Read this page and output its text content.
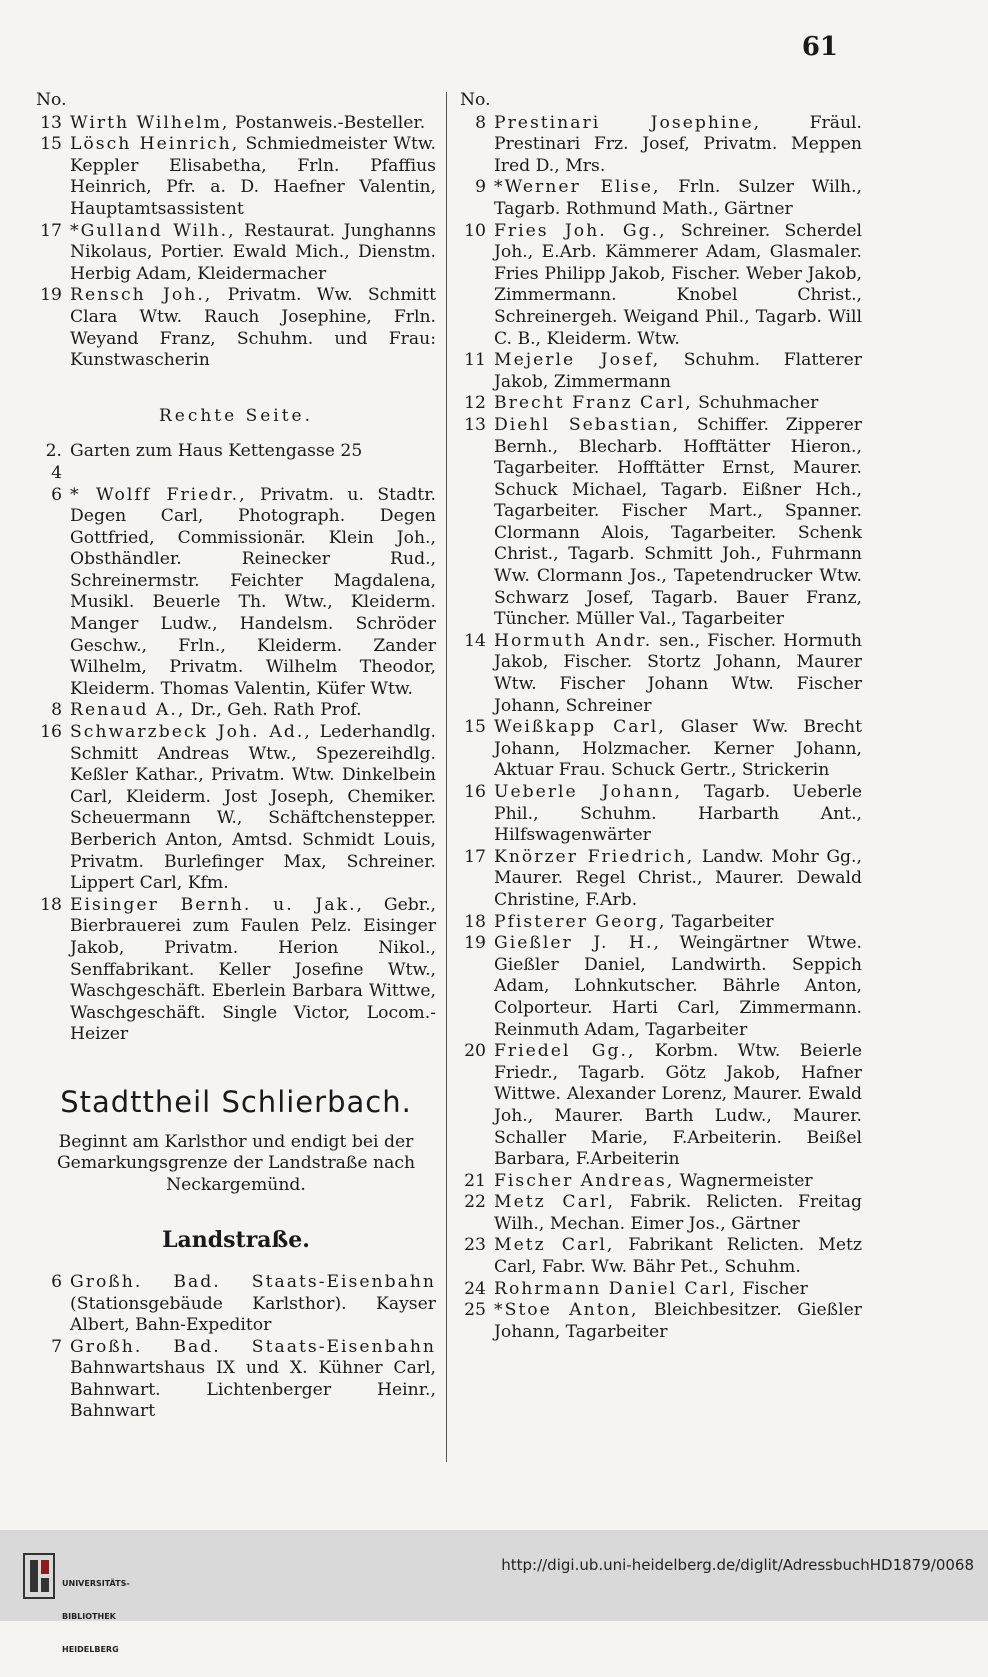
61
No.
13 Wirth Wilhelm, Postanweis.-Besteller.
15 Lösch Heinrich, Schmiedmeister Wtw. Keppler Elisabetha, Frln. Pfaffius Heinrich, Pfr. a. D. Haefner Valentin, Hauptamtsassistent
17 *Gulland Wilh., Restaurat. Junghanns Nikolaus, Portier. Ewald Mich., Dienstm. Herbig Adam, Kleidermacher
19 Rensch Joh., Privatm. Ww. Schmitt Clara Wtw. Rauch Josephine, Frln. Weyand Franz, Schuhm. und Frau: Kunstwascherin
Rechte Seite.
2. 4
Garten zum Haus Kettengasse 25
6 * Wolff Friedr., Privatm. u. Stadtr. Degen Carl, Photograph. Degen Gottfried, Commissionär. Klein Joh., Obsthändler. Reinecker Rud., Schreinermstr. Feichter Magdalena, Musikl. Beuerle Th. Wtw., Kleiderm. Manger Ludw., Handelsm. Schröder Geschw., Frln., Kleiderm. Zander Wilhelm, Privatm. Wilhelm Theodor, Kleiderm. Thomas Valentin, Küfer Wtw.
8 Renaud A., Dr., Geh. Rath Prof.
16 Schwarzbeck Joh. Ad., Lederhandlg. Schmitt Andreas Wtw., Spezereihdlg. Keßler Kathar., Privatm. Wtw. Dinkelbein Carl, Kleiderm. Jost Joseph, Chemiker. Scheuermann W., Schäftchenstepper. Berberich Anton, Amtsd. Schmidt Louis, Privatm. Burlefinger Max, Schreiner. Lippert Carl, Kfm.
18 Eisinger Bernh. u. Jak., Gebr., Bierbrauerei zum Faulen Pelz. Eisinger Jakob, Privatm. Herion Nikol., Senffabrikant. Keller Josefine Wtw., Waschgeschäft. Eberlein Barbara Wittwe, Waschgeschäft. Single Victor, Locom.-Heizer
Stadttheil Schlierbach.
Beginnt am Karlsthor und endigt bei der Gemarkungsgrenze der Landstraße nach Neckargemünd.
Landstraße.
6 Großh. Bad. Staats-Eisenbahn (Stationsgebäude Karlsthor). Kayser Albert, Bahn-Expeditor
7 Großh. Bad. Staats-Eisenbahn Bahnwartshaus IX und X. Kühner Carl, Bahnwart. Lichtenberger Heinr., Bahnwart
No.
8 Prestinari Josephine, Fräul. Prestinari Frz. Josef, Privatm. Meppen Ired D., Mrs.
9 *Werner Elise, Frln. Sulzer Wilh., Tagarb. Rothmund Math., Gärtner
10 Fries Joh. Gg., Schreiner. Scherdel Joh., E.Arb. Kämmerer Adam, Glasmaler. Fries Philipp Jakob, Fischer. Weber Jakob, Zimmermann. Knobel Christ., Schreinergeh. Weigand Phil., Tagarb. Will C. B., Kleiderm. Wtw.
11 Mejerle Josef, Schuhm. Flatterer Jakob, Zimmermann
12 Brecht Franz Carl, Schuhmacher
13 Diehl Sebastian, Schiffer. Zipperer Bernh., Blecharb. Hofftätter Hieron., Tagarbeiter. Hofftätter Ernst, Maurer. Schuck Michael, Tagarb. Eißner Hch., Tagarbeiter. Fischer Mart., Spanner. Clormann Alois, Tagarbeiter. Schenk Christ., Tagarb. Schmitt Joh., Fuhrmann Ww. Clormann Jos., Tapetendrucker Wtw. Schwarz Josef, Tagarb. Bauer Franz, Tüncher. Müller Val., Tagarbeiter
14 Hormuth Andr. sen., Fischer. Hormuth Jakob, Fischer. Stortz Johann, Maurer Wtw. Fischer Johann Wtw. Fischer Johann, Schreiner
15 Weißkapp Carl, Glaser Ww. Brecht Johann, Holzmacher. Kerner Johann, Aktuar Frau. Schuck Gertr., Strickerin
16 Ueberle Johann, Tagarb. Ueberle Phil., Schuhm. Harbarth Ant., Hilfswagenwärter
17 Knörzer Friedrich, Landw. Mohr Gg., Maurer. Regel Christ., Maurer. Dewald Christine, F.Arb.
18 Pfisterer Georg, Tagarbeiter
19 Gießler J. H., Weingärtner Wtwe. Gießler Daniel, Landwirth. Seppich Adam, Lohnkutscher. Bährle Anton, Colporteur. Harti Carl, Zimmermann. Reinmuth Adam, Tagarbeiter
20 Friedel Gg., Korbm. Wtw. Beierle Friedr., Tagarb. Götz Jakob, Hafner Wittwe. Alexander Lorenz, Maurer. Ewald Joh., Maurer. Barth Ludw., Maurer. Schaller Marie, F.Arbeiterin. Beißel Barbara, F.Arbeiterin
21 Fischer Andreas, Wagnermeister
22 Metz Carl, Fabrik. Relicten. Freitag Wilh., Mechan. Eimer Jos., Gärtner
23 Metz Carl, Fabrikant Relicten. Metz Carl, Fabr. Ww. Bähr Pet., Schuhm.
24 Rohrmann Daniel Carl, Fischer
25 *Stoe Anton, Bleichbesitzer. Gießler Johann, Tagarbeiter

UNIVERSITÄTS-

BIBLIOTHEK

HEIDELBERG

http://digi.ub.uni-heidelberg.de/diglit/AdressbuchHD1879/0068
